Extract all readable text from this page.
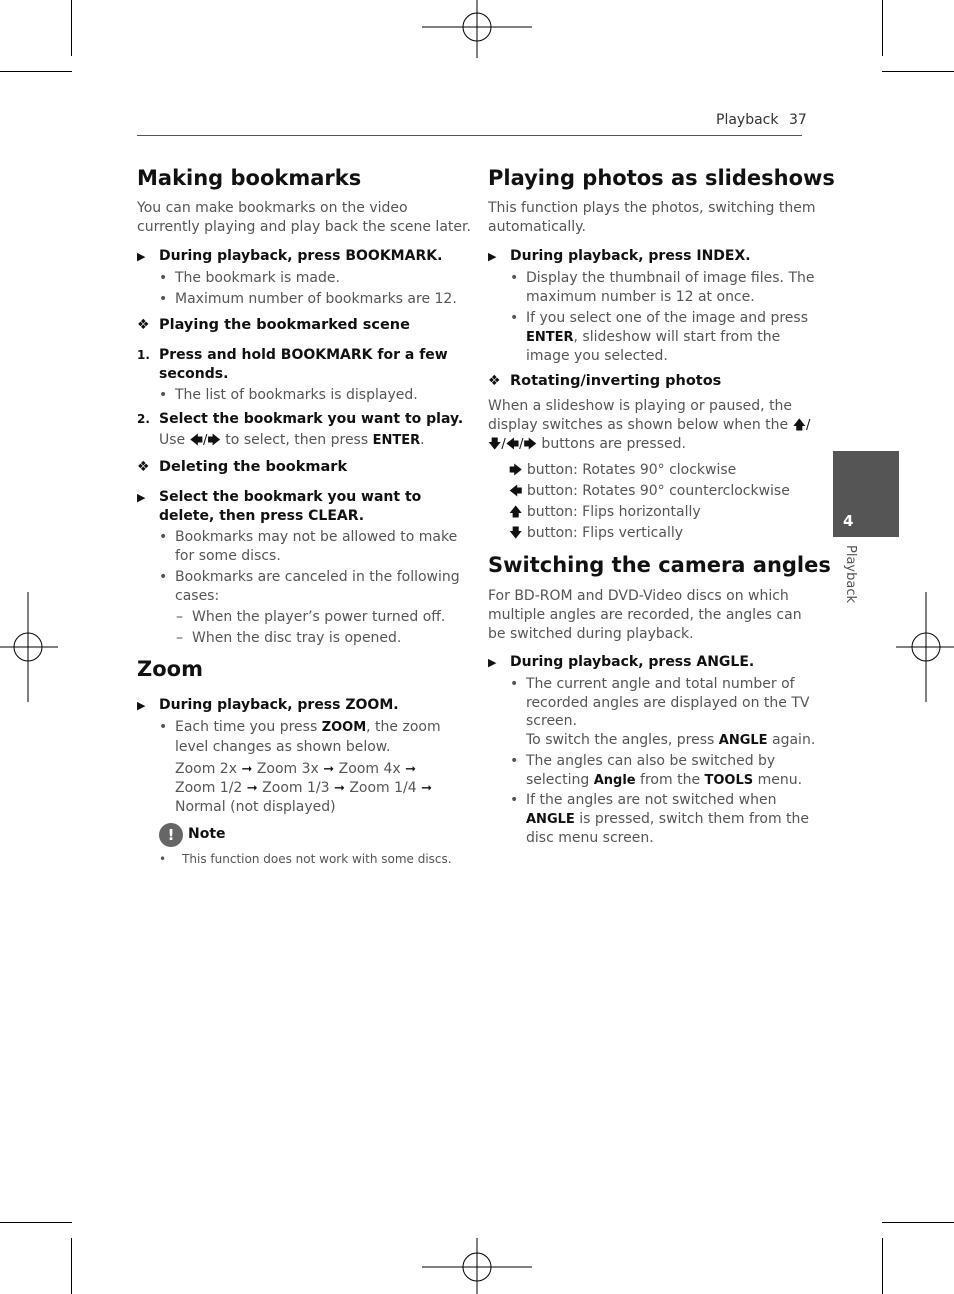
Playback 37
4
Playback
Making bookmarks
You can make bookmarks on the video
currently playing and play back the scene later.
▶ During playback, press BOOKMARK.
• The bookmark is made.
• Maximum number of bookmarks are 12.
❖ Playing the bookmarked scene
1. Press and hold BOOKMARK for a few
seconds.
• The list of bookmarks is displayed.
2. Select the bookmark you want to play.
Use 🡄/🡆 to select, then press ENTER.
❖ Deleting the bookmark
▶ Select the bookmark you want to
delete, then press CLEAR.
• Bookmarks may not be allowed to make
for some discs.
• Bookmarks are canceled in the following
cases:
– When the player’s power turned off.
– When the disc tray is opened.
Zoom
▶ During playback, press ZOOM.
• Each time you press ZOOM, the zoom
level changes as shown below.
Zoom 2x ➞ Zoom 3x ➞ Zoom 4x ➞
Zoom 1/2 ➞ Zoom 1/3 ➞ Zoom 1/4 ➞
Normal (not displayed)
! Note
• This function does not work with some discs.
Playing photos as slideshows
This function plays the photos, switching them
automatically.
▶ During playback, press INDEX.
• Display the thumbnail of image files. The
maximum number is 12 at once.
• If you select one of the image and press
ENTER, slideshow will start from the
image you selected.
❖ Rotating/inverting photos
When a slideshow is playing or paused, the
display switches as shown below when the 🡅/
🡇/🡄/🡆 buttons are pressed.
🡆 button: Rotates 90° clockwise
🡄 button: Rotates 90° counterclockwise
🡅 button: Flips horizontally
🡇 button: Flips vertically
Switching the camera angles
For BD-ROM and DVD-Video discs on which
multiple angles are recorded, the angles can
be switched during playback.
▶ During playback, press ANGLE.
• The current angle and total number of
recorded angles are displayed on the TV
screen.
To switch the angles, press ANGLE again.
• The angles can also be switched by
selecting Angle from the TOOLS menu.
• If the angles are not switched when
ANGLE is pressed, switch them from the
disc menu screen.
